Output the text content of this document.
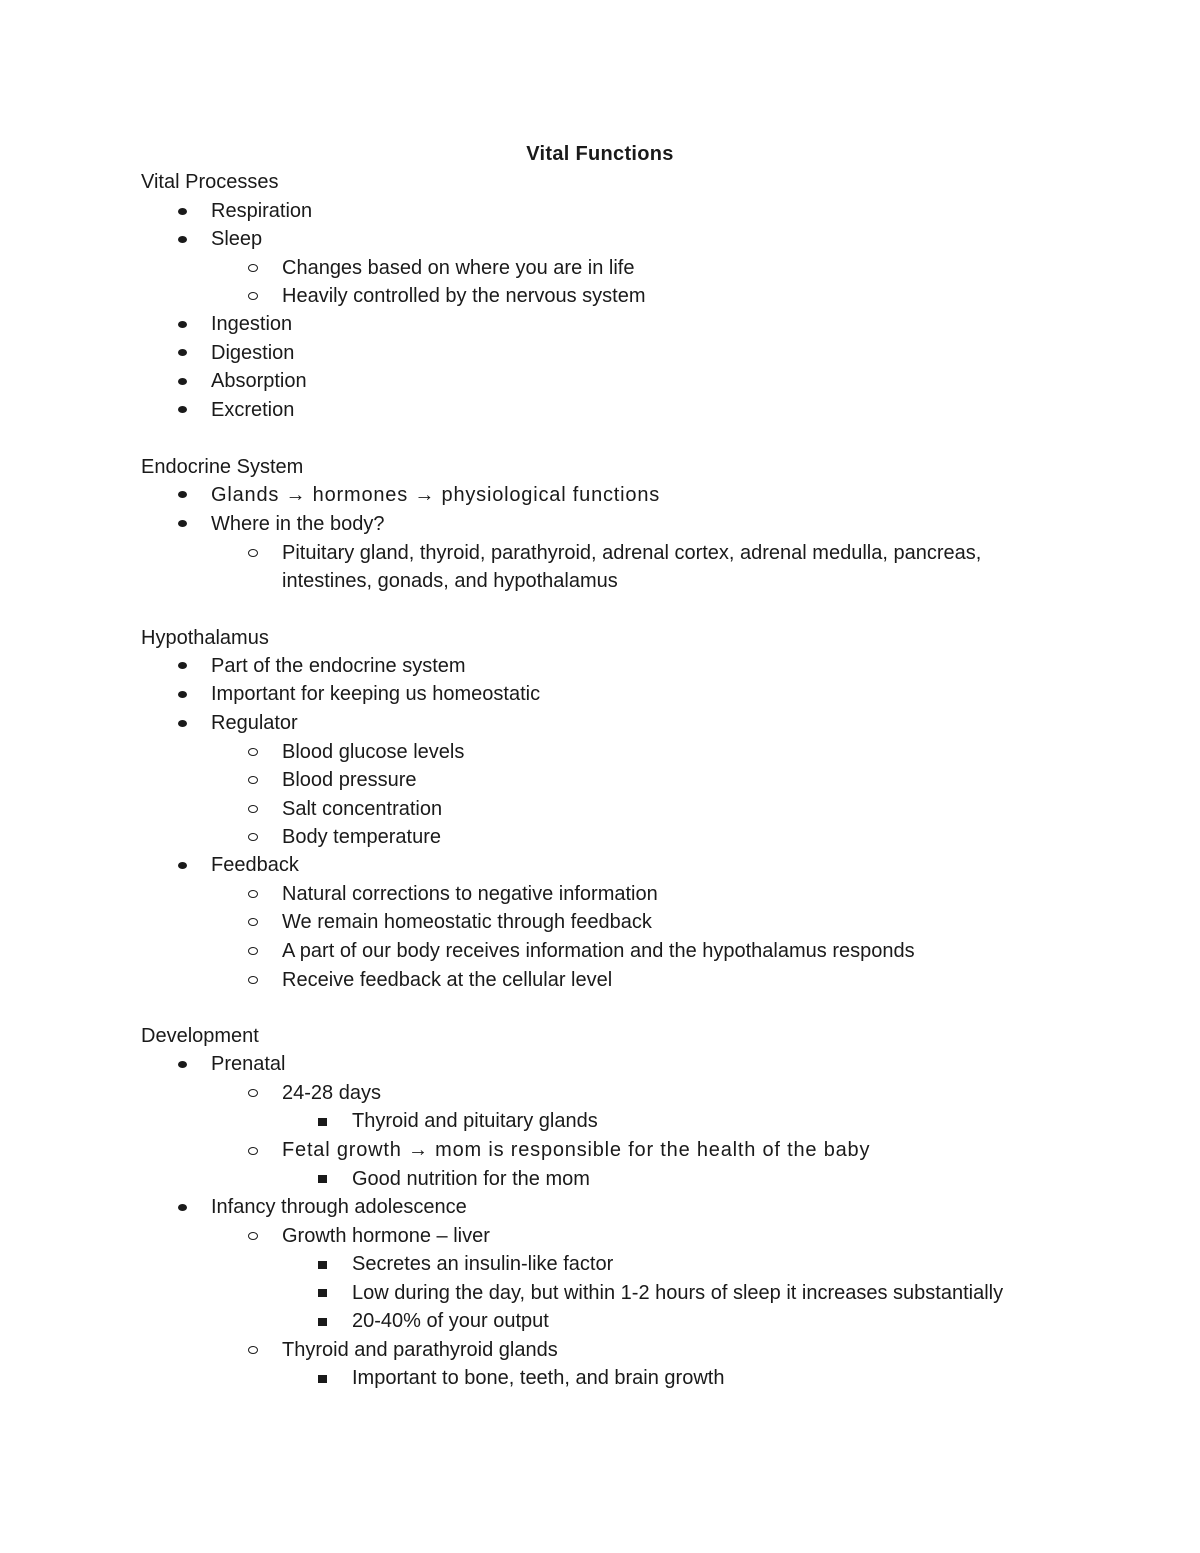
Vital Functions
Vital Processes
Respiration
Sleep
Changes based on where you are in life
Heavily controlled by the nervous system
Ingestion
Digestion
Absorption
Excretion
Endocrine System
Glands → hormones → physiological functions
Where in the body?
Pituitary gland, thyroid, parathyroid, adrenal cortex, adrenal medulla, pancreas,
intestines, gonads, and hypothalamus
Hypothalamus
Part of the endocrine system
Important for keeping us homeostatic
Regulator
Blood glucose levels
Blood pressure
Salt concentration
Body temperature
Feedback
Natural corrections to negative information
We remain homeostatic through feedback
A part of our body receives information and the hypothalamus responds
Receive feedback at the cellular level
Development
Prenatal
24-28 days
Thyroid and pituitary glands
Fetal growth → mom is responsible for the health of the baby
Good nutrition for the mom
Infancy through adolescence
Growth hormone – liver
Secretes an insulin-like factor
Low during the day, but within 1-2 hours of sleep it increases substantially
20-40% of your output
Thyroid and parathyroid glands
Important to bone, teeth, and brain growth
